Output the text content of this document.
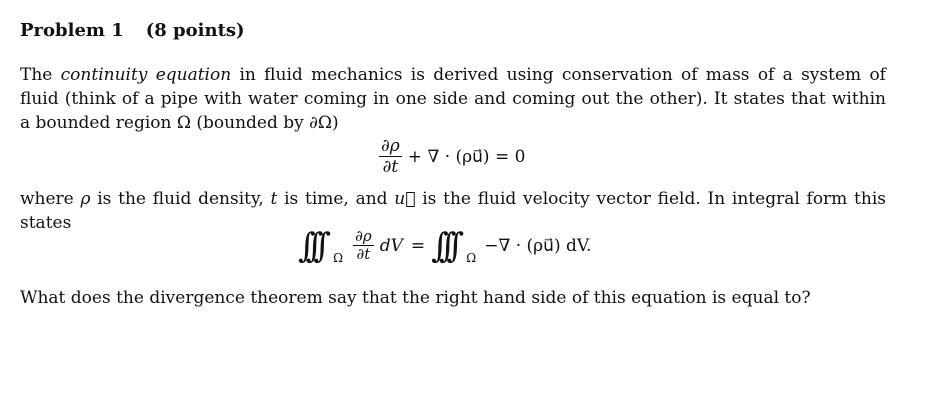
Problem 1 (8 points)
The continuity equation in fluid mechanics is derived using conservation of mass of a system of fluid (think of a pipe with water coming in one side and coming out the other). It states that within a bounded region Ω (bounded by ∂Ω)
$\frac{\partial\rho}{\partial t}$ + ∇ · (ρu⃗) = 0
where ρ is the fluid density, t is time, and u⃗ is the fluid velocity vector field. In integral form this states
∫∫∫ Ω $\frac{\partial\rho}{\partial t}$ dV = ∫∫∫ Ω
−∇ · (ρu⃗) dV.
What does the divergence theorem say that the right hand side of this equation is equal to?
